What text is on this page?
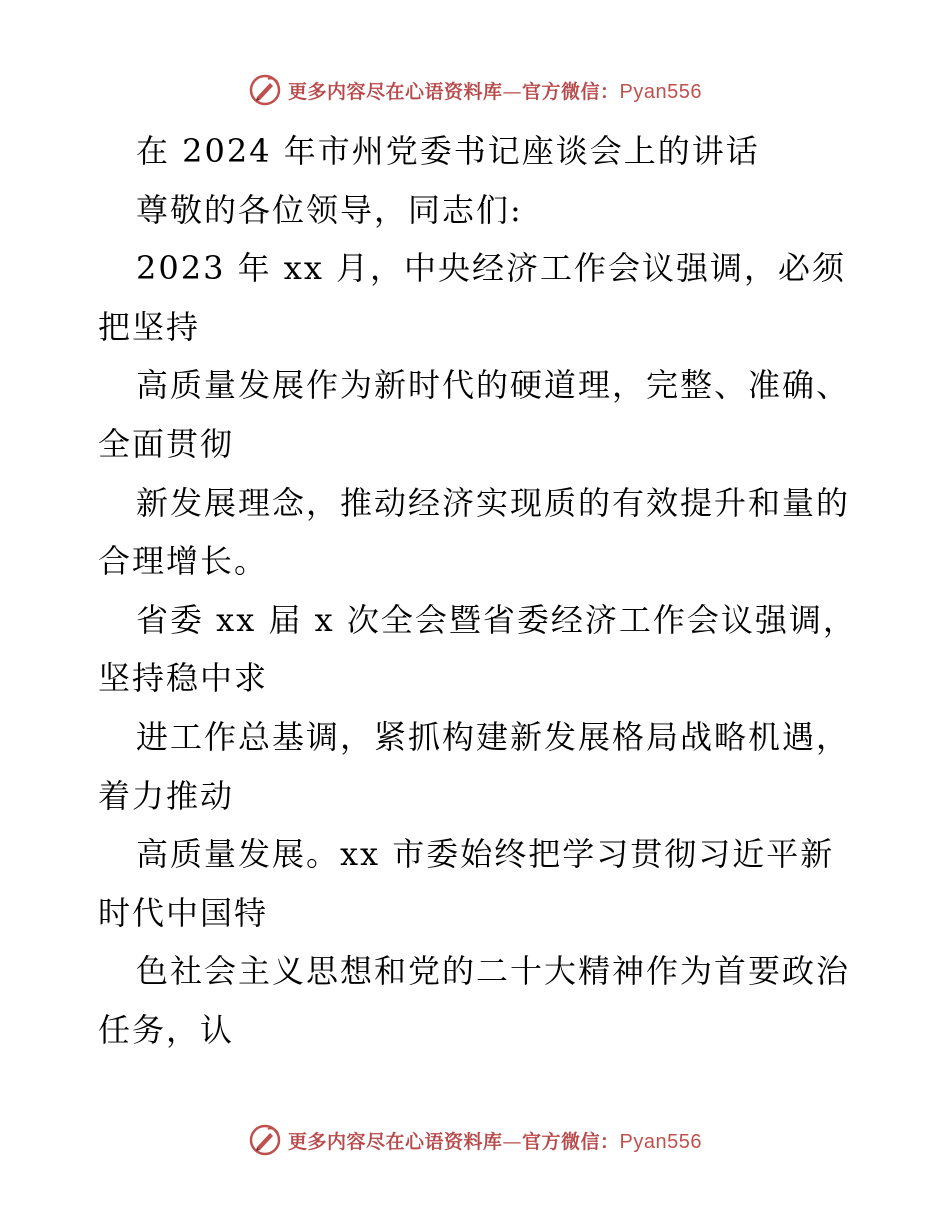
更多内容尽在心语资料库—官方微信：Pyan556
在 2024 年市州党委书记座谈会上的讲话
尊敬的各位领导，同志们:
2023 年 xx 月，中央经济工作会议强调，必须
把坚持
高质量发展作为新时代的硬道理，完整、准确、
全面贯彻
新发展理念，推动经济实现质的有效提升和量的
合理增长。
省委 xx 届 x 次全会暨省委经济工作会议强调，
坚持稳中求
进工作总基调，紧抓构建新发展格局战略机遇，
着力推动
高质量发展。xx 市委始终把学习贯彻习近平新
时代中国特
色社会主义思想和党的二十大精神作为首要政治
任务，认
更多内容尽在心语资料库—官方微信：Pyan556
